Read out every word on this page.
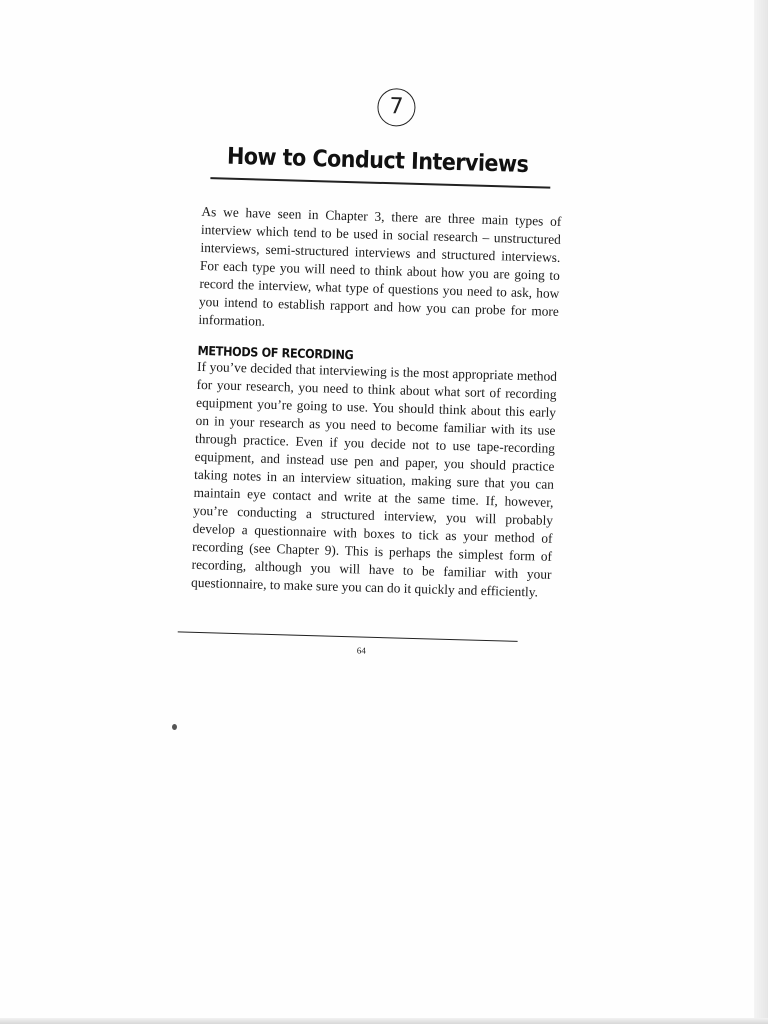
7
How to Conduct Interviews

As we have seen in Chapter 3, there are three main types of interview which tend to be used in social research – unstructured interviews, semi-structured interviews and structured interviews. For each type you will need to think about how you are going to record the interview, what type of questions you need to ask, how you intend to establish rapport and how you can probe for more information.

METHODS OF RECORDING

If you’ve decided that interviewing is the most appropriate method for your research, you need to think about what sort of recording equipment you’re going to use. You should think about this early on in your research as you need to become familiar with its use through practice. Even if you decide not to use tape-recording equipment, and instead use pen and paper, you should practice taking notes in an interview situation, making sure that you can maintain eye contact and write at the same time. If, however, you’re conducting a structured interview, you will probably develop a questionnaire with boxes to tick as your method of recording (see Chapter 9). This is perhaps the simplest form of recording, although you will have to be familiar with your questionnaire, to make sure you can do it quickly and efficiently.

64
